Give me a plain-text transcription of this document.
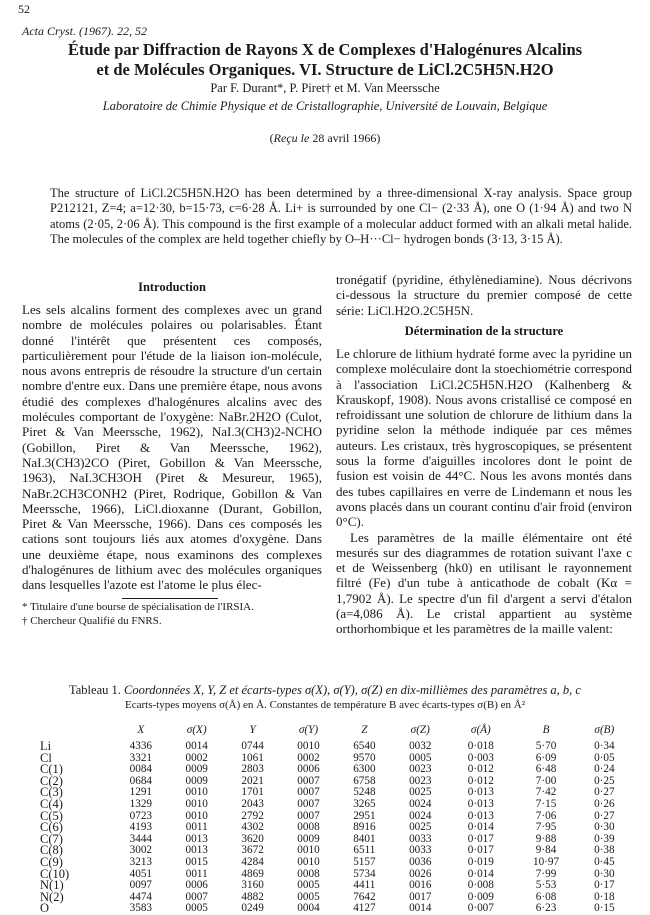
52
Acta Cryst. (1967). 22, 52
Étude par Diffraction de Rayons X de Complexes d'Halogénures Alcalins
et de Molécules Organiques. VI. Structure de LiCl.2C5H5N.H2O
Par F. Durant*, P. Piret† et M. Van Meerssche
Laboratoire de Chimie Physique et de Cristallographie, Université de Louvain, Belgique
(Reçu le 28 avril 1966)
The structure of LiCl.2C5H5N.H2O has been determined by a three-dimensional X-ray analysis. Space group P212121, Z=4; a=12·30, b=15·73, c=6·28 Å. Li+ is surrounded by one Cl− (2·33 Å), one O (1·94 Å) and two N atoms (2·05, 2·06 Å). This compound is the first example of a molecular adduct formed with an alkali metal halide. The molecules of the complex are held together chiefly by O–H···Cl− hydrogen bonds (3·13, 3·15 Å).
Introduction

Les sels alcalins forment des complexes avec un grand nombre de molécules polaires ou polarisables. Étant donné l'intérêt que présentent ces composés, particulièrement pour l'étude de la liaison ion-molécule, nous avons entrepris de résoudre la structure d'un certain nombre d'entre eux. Dans une première étape, nous avons étudié des complexes d'halogénures alcalins avec des molécules comportant de l'oxygène: NaBr.2H2O (Culot, Piret & Van Meerssche, 1962), NaI.3(CH3)2-NCHO (Gobillon, Piret & Van Meerssche, 1962), NaI.3(CH3)2CO (Piret, Gobillon & Van Meerssche, 1963), NaI.3CH3OH (Piret & Mesureur, 1965), NaBr.2CH3CONH2 (Piret, Rodrique, Gobillon & Van Meerssche, 1966), LiCl.dioxanne (Durant, Gobillon, Piret & Van Meerssche, 1966). Dans ces composés les cations sont toujours liés aux atomes d'oxygène. Dans une deuxième étape, nous examinons des complexes d'halogénures de lithium avec des molécules organiques dans lesquelles l'azote est l'atome le plus élec-

tronégatif (pyridine, éthylènediamine). Nous décrivons ci-dessous la structure du premier composé de cette série: LiCl.H2O.2C5H5N.

Détermination de la structure

Le chlorure de lithium hydraté forme avec la pyridine un complexe moléculaire dont la stoechiométrie correspond à l'association LiCl.2C5H5N.H2O (Kalhenberg & Krauskopf, 1908). Nous avons cristallisé ce composé en refroidissant une solution de chlorure de lithium dans la pyridine selon la méthode indiquée par ces mêmes auteurs. Les cristaux, très hygroscopiques, se présentent sous la forme d'aiguilles incolores dont le point de fusion est voisin de 44°C. Nous les avons montés dans des tubes capillaires en verre de Lindemann et nous les avons placés dans un courant continu d'air froid (environ 0°C).

Les paramètres de la maille élémentaire ont été mesurés sur des diagrammes de rotation suivant l'axe c et de Weissenberg (hk0) en utilisant le rayonnement filtré (Fe) d'un tube à anticathode de cobalt (Kα = 1,7902 Å). Le spectre d'un fil d'argent a servi d'étalon (a=4,086 Å). Le cristal appartient au système orthorhombique et les paramètres de la maille valent:

* Titulaire d'une bourse de spécialisation de l'IRSIA.
† Chercheur Qualifié du FNRS.
Tableau 1. Coordonnées X, Y, Z et écarts-types σ(X), σ(Y), σ(Z) en dix-millièmes des paramètres a, b, c
Ecarts-types moyens σ(Å) en Å. Constantes de température B avec écarts-types σ(B) en Å²
	X	σ(X)	Y	σ(Y)	Z	σ(Z)	σ(Å)	B	σ(B)
Li	4336	0014	0744	0010	6540	0032	0·018	5·70	0·34
Cl	3321	0002	1061	0002	9570	0005	0·003	6·09	0·05
C(1)	0084	0009	2803	0006	6300	0023	0·012	6·48	0·24
C(2)	0684	0009	2021	0007	6758	0023	0·012	7·00	0·25
C(3)	1291	0010	1701	0007	5248	0025	0·013	7·42	0·27
C(4)	1329	0010	2043	0007	3265	0024	0·013	7·15	0·26
C(5)	0723	0010	2792	0007	2951	0024	0·013	7·06	0·27
C(6)	4193	0011	4302	0008	8916	0025	0·014	7·95	0·30
C(7)	3444	0013	3620	0009	8401	0033	0·017	9·88	0·39
C(8)	3002	0013	3672	0010	6511	0033	0·017	9·84	0·38
C(9)	3213	0015	4284	0010	5157	0036	0·019	10·97	0·45
C(10)	4051	0011	4869	0008	5734	0026	0·014	7·99	0·30
N(1)	0097	0006	3160	0005	4411	0016	0·008	5·53	0·17
N(2)	4474	0007	4882	0005	7642	0017	0·009	6·08	0·18
O	3583	0005	0249	0004	4127	0014	0·007	6·23	0·15
